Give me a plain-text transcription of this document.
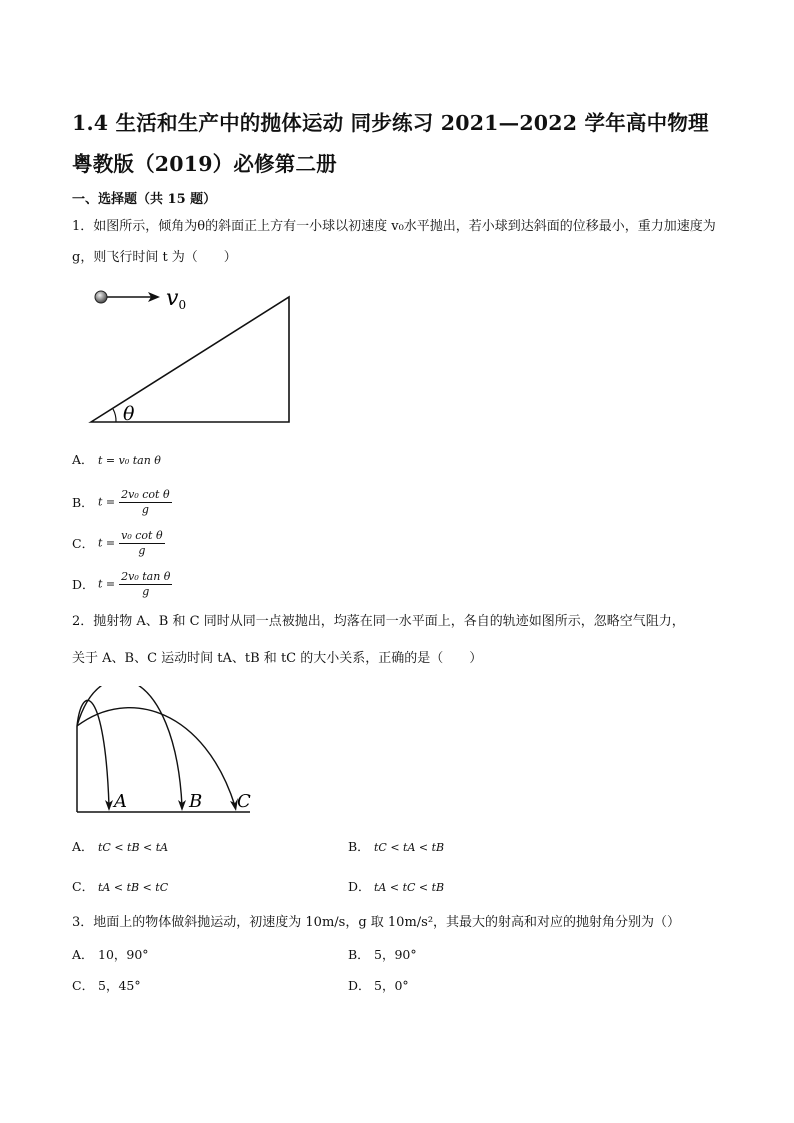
1.4 生活和生产中的抛体运动 同步练习 2021—2022 学年高中物理粤教版（2019）必修第二册
一、选择题（共 15 题）
1．如图所示，倾角为θ的斜面正上方有一小球以初速度 v₀水平抛出，若小球到达斜面的位移最小，重力加速度为 g，则飞行时间 t 为（　　）
v0
θ
A． t = v₀ tan θ
B． $t = \frac{\text{2v₀ cot θ}}{g}$
C． $t = \frac{\text{v₀ cot θ}}{g}$
D． $t = \frac{\text{2v₀ tan θ}}{g}$
2．抛射物 A、B 和 C 同时从同一点被抛出，均落在同一水平面上，各自的轨迹如图所示，忽略空气阻力，
关于 A、B、C 运动时间 tA、tB 和 tC 的大小关系，正确的是（　　）
A	B C
A． tC < tB < tA	B． tC < tA < tB
C． tA < tB < tC	D． tA < tC < tB
3．地面上的物体做斜抛运动，初速度为 10m/s，g 取 10m/s²，其最大的射高和对应的抛射角分别为（）
A． 10，90°	B． 5，90°
C． 5，45°	D． 5，0°
